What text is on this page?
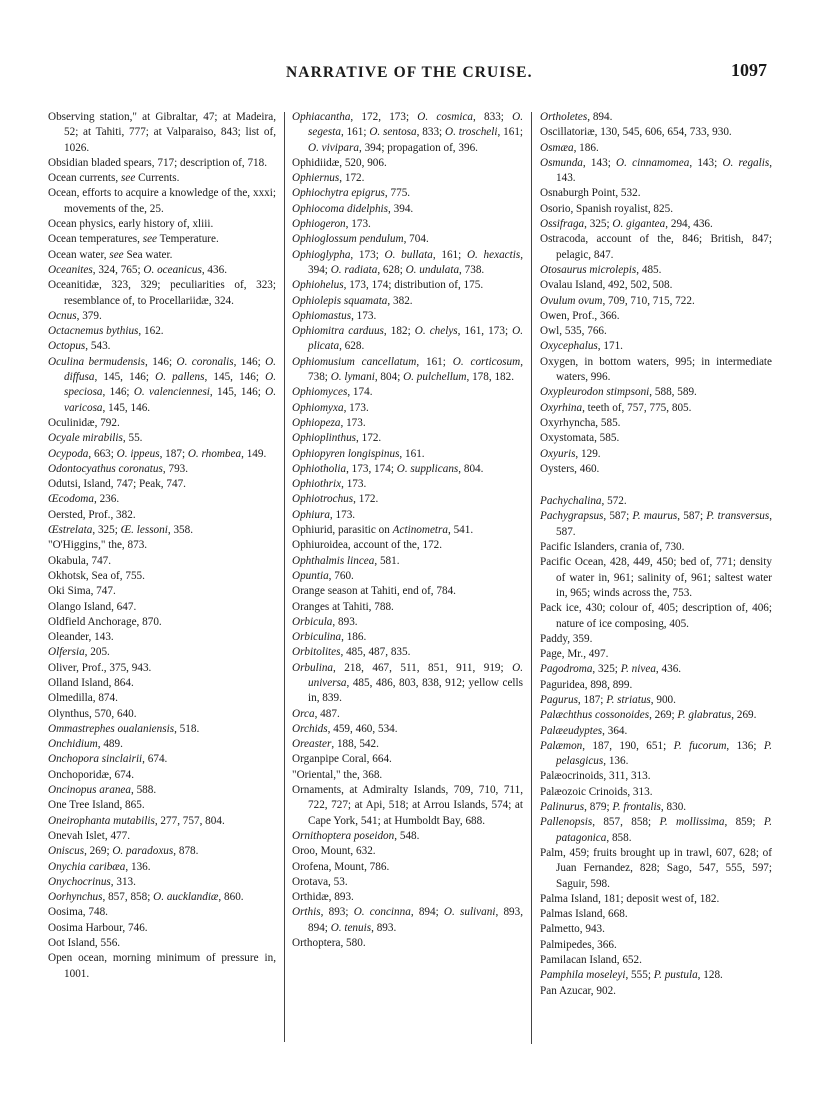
NARRATIVE OF THE CRUISE.	1097
Observing station," at Gibraltar, 47; at Madeira, 52; at Tahiti, 777; at Valparaiso, 843; list of, 1026.
Obsidian bladed spears, 717; description of, 718.
Ocean currents, see Currents.
Ocean, efforts to acquire a knowledge of the, xxxi; movements of the, 25.
Ocean physics, early history of, xliii.
Ocean temperatures, see Temperature.
Ocean water, see Sea water.
Oceanites, 324, 765; O. oceanicus, 436.
Oceanitidæ, 323, 329; peculiarities of, 323; resemblance of, to Procellariidæ, 324.
Ocnus, 379.
Octacnemus bythius, 162.
Octopus, 543.
Oculina bermudensis, 146; O. coronalis, 146; O. diffusa, 145, 146; O. pallens, 145, 146; O. speciosa, 146; O. valenciennesi, 145, 146; O. varicosa, 145, 146.
Oculinidæ, 792.
Ocyale mirabilis, 55.
Ocypoda, 663; O. ippeus, 187; O. rhombea, 149.
Odontocyathus coronatus, 793.
Odutsi, Island, 747; Peak, 747.
Œcodoma, 236.
Oersted, Prof., 382.
Œstrelata, 325; Œ. lessoni, 358.
"O'Higgins," the, 873.
Okabula, 747.
Okhotsk, Sea of, 755.
Oki Sima, 747.
Olango Island, 647.
Oldfield Anchorage, 870.
Oleander, 143.
Olfersia, 205.
Oliver, Prof., 375, 943.
Olland Island, 864.
Olmedilla, 874.
Olynthus, 570, 640.
Ommastrephes oualaniensis, 518.
Onchidium, 489.
Onchopora sinclairii, 674.
Onchoporidæ, 674.
Oncinopus aranea, 588.
One Tree Island, 865.
Oneirophanta mutabilis, 277, 757, 804.
Onevah Islet, 477.
Oniscus, 269; O. paradoxus, 878.
Onychia caribæa, 136.
Onychocrinus, 313.
Oorhynchus, 857, 858; O. aucklandiæ, 860.
Oosima, 748.
Oosima Harbour, 746.
Oot Island, 556.
Open ocean, morning minimum of pressure in, 1001.
Ophiacantha, 172, 173; O. cosmica, 833; O. segesta, 161; O. sentosa, 833; O. troscheli, 161; O. vivipara, 394; propagation of, 396.
Ophidiidæ, 520, 906.
Ophiernus, 172.
Ophiochytra epigrus, 775.
Ophiocoma didelphis, 394.
Ophiogeron, 173.
Ophioglossum pendulum, 704.
Ophioglypha, 173; O. bullata, 161; O. hexactis, 394; O. radiata, 628; O. undulata, 738.
Ophiohelus, 173, 174; distribution of, 175.
Ophiolepis squamata, 382.
Ophiomastus, 173.
Ophiomitra carduus, 182; O. chelys, 161, 173; O. plicata, 628.
Ophiomusium cancellatum, 161; O. corticosum, 738; O. lymani, 804; O. pulchellum, 178, 182.
Ophiomyces, 174.
Ophiomyxa, 173.
Ophiopeza, 173.
Ophioplinthus, 172.
Ophiopyren longispinus, 161.
Ophiotholia, 173, 174; O. supplicans, 804.
Ophiothrix, 173.
Ophiotrochus, 172.
Ophiura, 173.
Ophiurid, parasitic on Actinometra, 541.
Ophiuroidea, account of the, 172.
Ophthalmis lincea, 581.
Opuntia, 760.
Orange season at Tahiti, end of, 784.
Oranges at Tahiti, 788.
Orbicula, 893.
Orbiculina, 186.
Orbitolites, 485, 487, 835.
Orbulina, 218, 467, 511, 851, 911, 919; O. universa, 485, 486, 803, 838, 912; yellow cells in, 839.
Orca, 487.
Orchids, 459, 460, 534.
Oreaster, 188, 542.
Organpipe Coral, 664.
"Oriental," the, 368.
Ornaments, at Admiralty Islands, 709, 710, 711, 722, 727; at Api, 518; at Arrou Islands, 574; at Cape York, 541; at Humboldt Bay, 688.
Ornithoptera poseidon, 548.
Oroo, Mount, 632.
Orofena, Mount, 786.
Orotava, 53.
Orthidæ, 893.
Orthis, 893; O. concinna, 894; O. sulivani, 893, 894; O. tenuis, 893.
Orthoptera, 580.
Ortholetes, 894.
Oscillatoriæ, 130, 545, 606, 654, 733, 930.
Osmæa, 186.
Osmunda, 143; O. cinnamomea, 143; O. regalis, 143.
Osnaburgh Point, 532.
Osorio, Spanish royalist, 825.
Ossifraga, 325; O. gigantea, 294, 436.
Ostracoda, account of the, 846; British, 847; pelagic, 847.
Otosaurus microlepis, 485.
Ovalau Island, 492, 502, 508.
Ovulum ovum, 709, 710, 715, 722.
Owen, Prof., 366.
Owl, 535, 766.
Oxycephalus, 171.
Oxygen, in bottom waters, 995; in intermediate waters, 996.
Oxypleurodon stimpsoni, 588, 589.
Oxyrhina, teeth of, 757, 775, 805.
Oxyrhyncha, 585.
Oxystomata, 585.
Oxyuris, 129.
Oysters, 460.
Pachychalina, 572.
Pachygrapsus, 587; P. maurus, 587; P. transversus, 587.
Pacific Islanders, crania of, 730.
Pacific Ocean, 428, 449, 450; bed of, 771; density of water in, 961; salinity of, 961; saltest water in, 965; winds across the, 753.
Pack ice, 430; colour of, 405; description of, 406; nature of ice composing, 405.
Paddy, 359.
Page, Mr., 497.
Pagodroma, 325; P. nivea, 436.
Paguridea, 898, 899.
Pagurus, 187; P. striatus, 900.
Palæchthus cossonoides, 269; P. glabratus, 269.
Palæeudyptes, 364.
Palæmon, 187, 190, 651; P. fucorum, 136; P. pelasgicus, 136.
Palæocrinoids, 311, 313.
Palæozoic Crinoids, 313.
Palinurus, 879; P. frontalis, 830.
Pallenopsis, 857, 858; P. mollissima, 859; P. patagonica, 858.
Palm, 459; fruits brought up in trawl, 607, 628; of Juan Fernandez, 828; Sago, 547, 555, 597; Saguir, 598.
Palma Island, 181; deposit west of, 182.
Palmas Island, 668.
Palmetto, 943.
Palmipedes, 366.
Pamilacan Island, 652.
Pamphila moseleyi, 555; P. pustula, 128.
Pan Azucar, 902.
